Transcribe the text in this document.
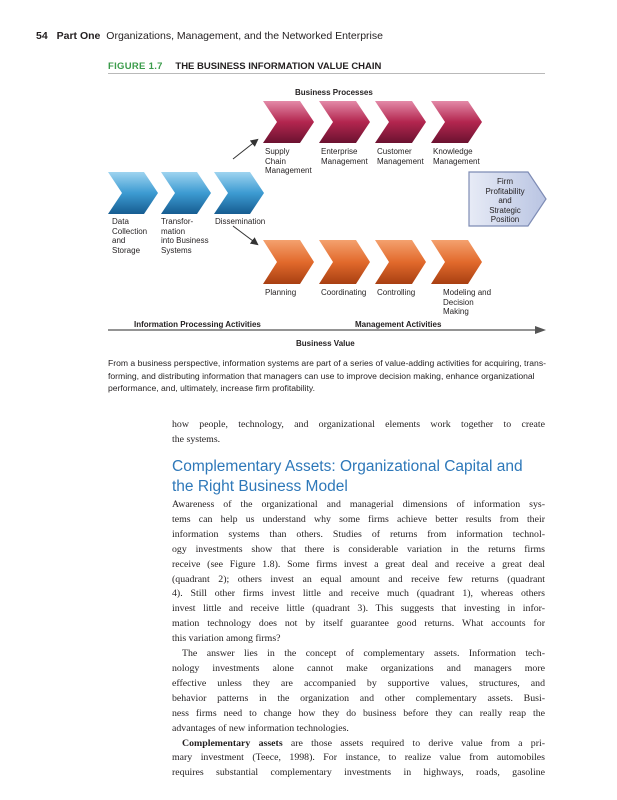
54 Part One Organizations, Management, and the Networked Enterprise
FIGURE 1.7 THE BUSINESS INFORMATION VALUE CHAIN
Business Processes
Supply
Chain
Management
Enterprise
Management
Customer
Management
Knowledge
Management
Data
Collection
and
Storage
Transfor-
mation
into Business
Systems
Dissemination
Firm
Profitability
and
Strategic
Position
Planning	Coordinating Controlling	Modeling and
Decision
Making
Information Processing Activities	Management Activities
Business Value
From a business perspective, information systems are part of a series of value-adding activities for acquiring, trans-
forming, and distributing information that managers can use to improve decision making, enhance organizational
performance, and, ultimately, increase firm profitability.
how people, technology, and organizational elements work together to create
the systems.
Complementary Assets: Organizational Capital and
the Right Business Model
Awareness of the organizational and managerial dimensions of information sys-
tems can help us understand why some firms achieve better results from their
information systems than others. Studies of returns from information technol-
ogy investments show that there is considerable variation in the returns firms
receive (see Figure 1.8). Some firms invest a great deal and receive a great deal
(quadrant 2); others invest an equal amount and receive few returns (quadrant
4). Still other firms invest little and receive much (quadrant 1), whereas others
invest little and receive little (quadrant 3). This suggests that investing in infor-
mation technology does not by itself guarantee good returns. What accounts for
this variation among firms?
The answer lies in the concept of complementary assets. Information tech-
nology investments alone cannot make organizations and managers more
effective unless they are accompanied by supportive values, structures, and
behavior patterns in the organization and other complementary assets. Busi-
ness firms need to change how they do business before they can really reap the
advantages of new information technologies.
Complementary assets are those assets required to derive value from a pri-
mary investment (Teece, 1998). For instance, to realize value from automobiles
requires substantial complementary investments in highways, roads, gasoline
